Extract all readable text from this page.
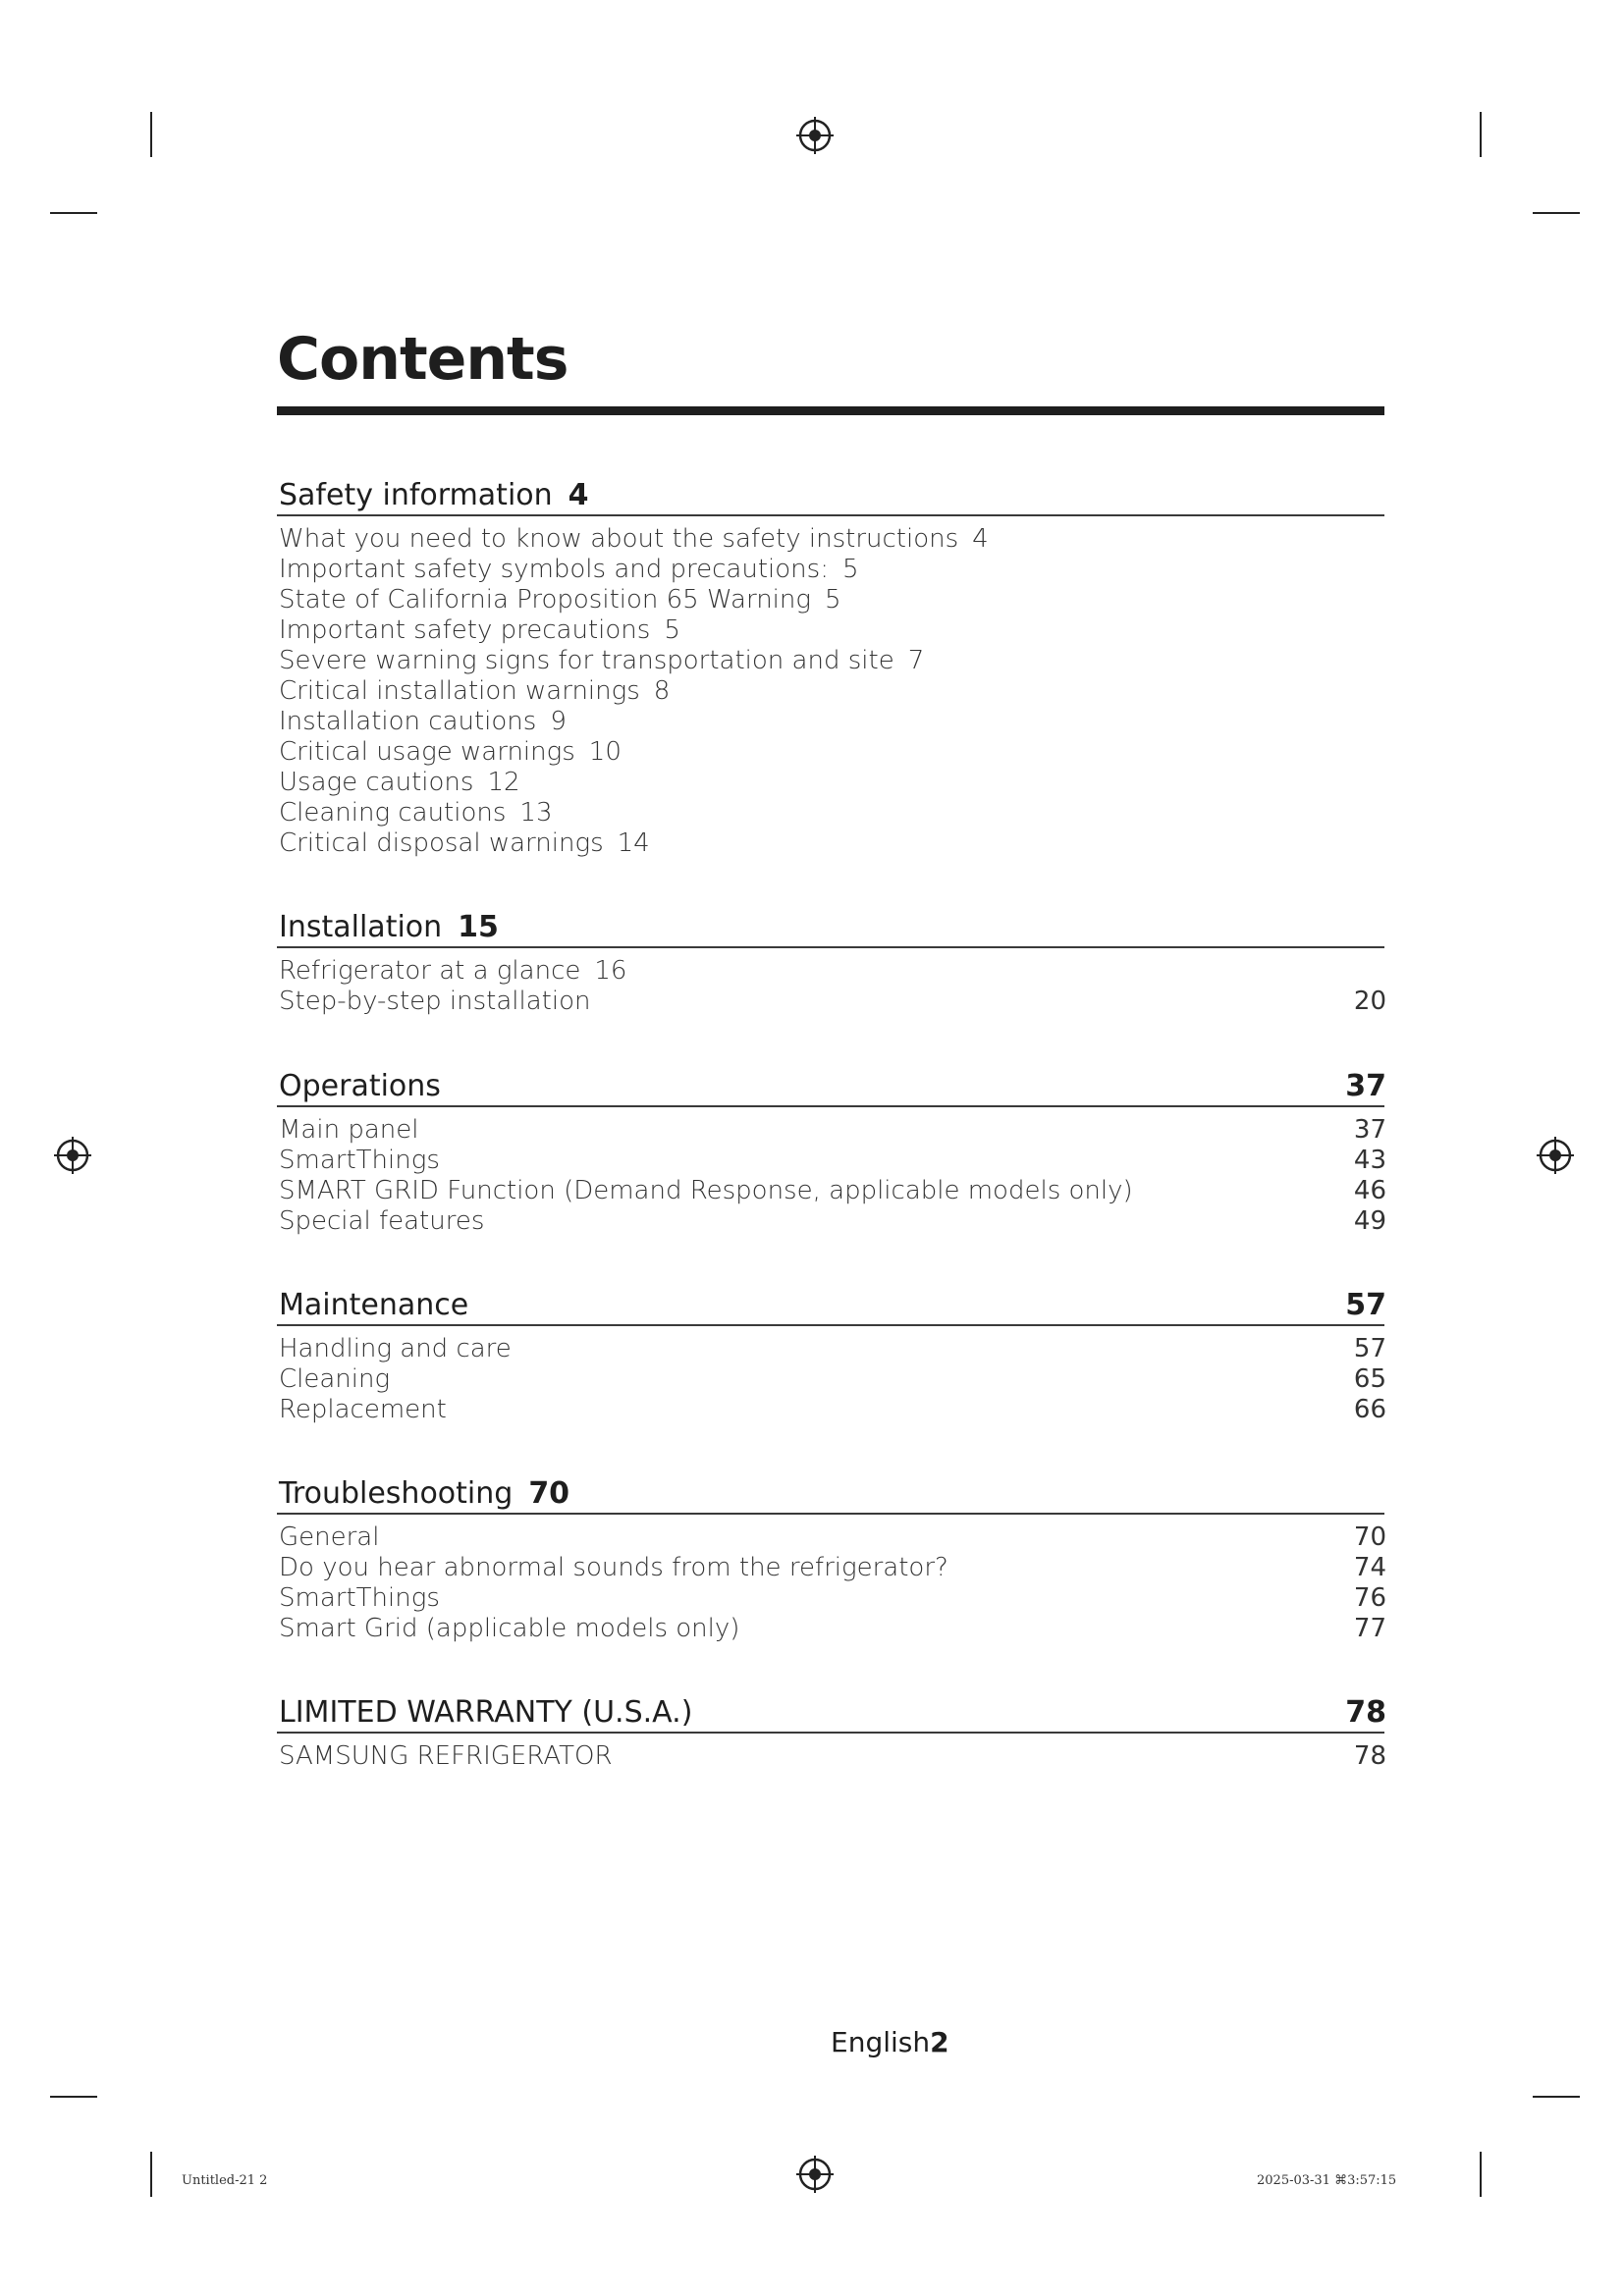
Contents
Safety information 4
What you need to know about the safety instructions 4
Important safety symbols and precautions: 5
State of California Proposition 65 Warning 5
Important safety precautions 5
Severe warning signs for transportation and site 7
Critical installation warnings 8
Installation cautions 9
Critical usage warnings 10
Usage cautions 12
Cleaning cautions 13
Critical disposal warnings 14
Installation 15
Refrigerator at a glance 16
Step-by-step installation	20
Operations	37
Main panel	37
SmartThings	43
SMART GRID Function (Demand Response, applicable models only)	46
Special features	49
Maintenance	57
Handling and care	57
Cleaning	65
Replacement	66
Troubleshooting 70
General	70
Do you hear abnormal sounds from the refrigerator?	74
SmartThings	76
Smart Grid (applicable models only)	77
LIMITED WARRANTY (U.S.A.)	78
SAMSUNG REFRIGERATOR	78
English2
Untitled-21 2	2025-03-31 ⌘3:57:15
